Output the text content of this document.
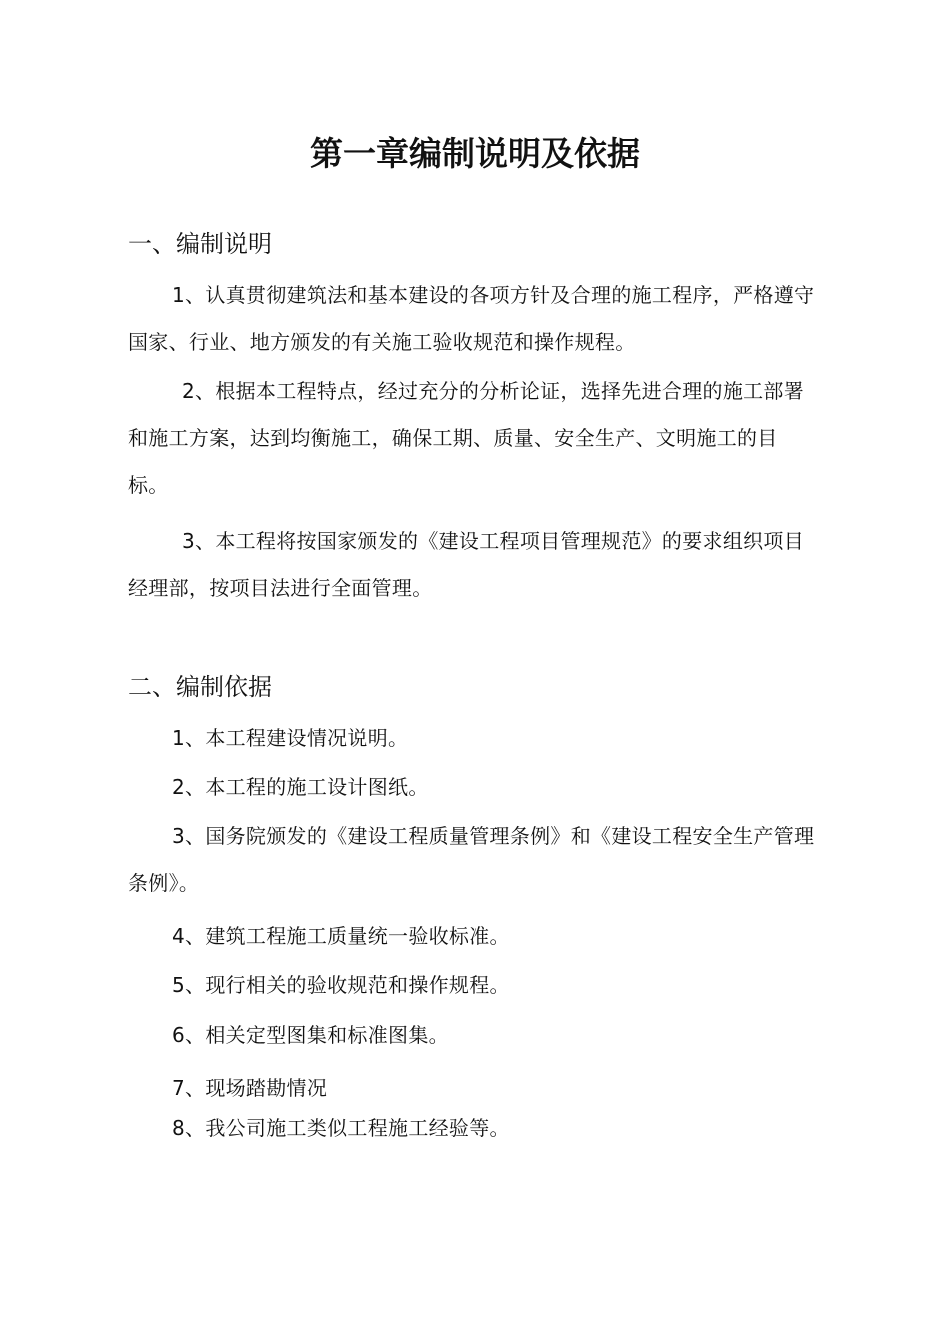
第一章编制说明及依据
一、编制说明
1、认真贯彻建筑法和基本建设的各项方针及合理的施工程序，严格遵守国家、行业、地方颁发的有关施工验收规范和操作规程。
2、根据本工程特点，经过充分的分析论证，选择先进合理的施工部署和施工方案，达到均衡施工，确保工期、质量、安全生产、文明施工的目标。
3、本工程将按国家颁发的《建设工程项目管理规范》的要求组织项目经理部，按项目法进行全面管理。
二、编制依据
1、本工程建设情况说明。
2、本工程的施工设计图纸。
3、国务院颁发的《建设工程质量管理条例》和《建设工程安全生产管理条例》。
4、建筑工程施工质量统一验收标准。
5、现行相关的验收规范和操作规程。
6、相关定型图集和标准图集。
7、现场踏勘情况
8、我公司施工类似工程施工经验等。
